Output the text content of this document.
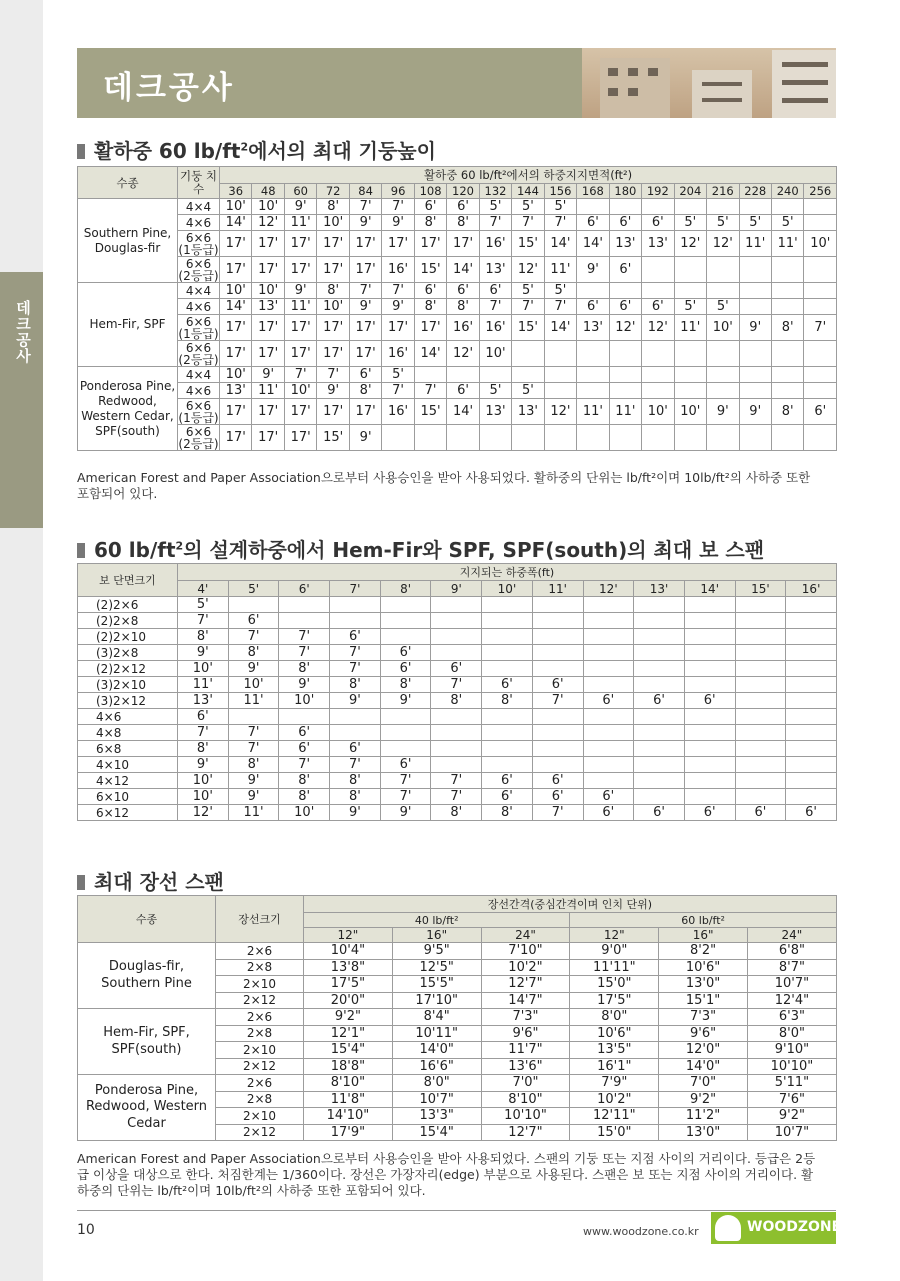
데크공사
데크공사
활하중 60 $lb/ft^2$에서의 최대 기둥높이
수종	기둥 치수	활하중 60 lb/ft²에서의 하중지지면적(ft²)																		
		36	48	60	72	84	96	108	120	132	144	156	168	180	192	204	216	228	240	256
Southern Pine, Douglas-fir	4×4	10'	10'	9'	8'	7'	7'	6'	6'	5'	5'	5'								
	4×6	14'	12'	11'	10'	9'	9'	8'	8'	7'	7'	7'	6'	6'	6'	5'	5'	5'	5'	
	6×6 (1등급)	17'	17'	17'	17'	17'	17'	17'	17'	16'	15'	14'	14'	13'	13'	12'	12'	11'	11'	10'
	6×6 (2등급)	17'	17'	17'	17'	17'	16'	15'	14'	13'	12'	11'	9'	6'						
Hem-Fir, SPF	4×4	10'	10'	9'	8'	7'	7'	6'	6'	6'	5'	5'								
	4×6	14'	13'	11'	10'	9'	9'	8'	8'	7'	7'	7'	6'	6'	6'	5'	5'			
	6×6 (1등급)	17'	17'	17'	17'	17'	17'	17'	16'	16'	15'	14'	13'	12'	12'	11'	10'	9'	8'	7'
	6×6 (2등급)	17'	17'	17'	17'	17'	16'	14'	12'	10'										
Ponderosa Pine, Redwood, Western Cedar, SPF(south)	4×4	10'	9'	7'	7'	6'	5'													
	4×6	13'	11'	10'	9'	8'	7'	7'	6'	5'	5'									
	6×6 (1등급)	17'	17'	17'	17'	17'	16'	15'	14'	13'	13'	12'	11'	11'	10'	10'	9'	9'	8'	6'
	6×6 (2등급)	17'	17'	17'	15'	9'														
American Forest and Paper Association으로부터 사용승인을 받아 사용되었다. 활하중의 단위는 lb/ft²이며 10lb/ft²의 사하중 또한 포함되어 있다.
60 $lb/ft^2$의 설계하중에서 Hem-Fir와 SPF, SPF(south)의 최대 보 스팬
보 단면크기	지지되는 하중폭(ft)												
	4'	5'	6'	7'	8'	9'	10'	11'	12'	13'	14'	15'	16'
(2)2×6	5'												
(2)2×8	7'	6'											
(2)2×10	8'	7'	7'	6'									
(3)2×8	9'	8'	7'	7'	6'								
(2)2×12	10'	9'	8'	7'	6'	6'							
(3)2×10	11'	10'	9'	8'	8'	7'	6'	6'					
(3)2×12	13'	11'	10'	9'	9'	8'	8'	7'	6'	6'	6'		
4×6	6'												
4×8	7'	7'	6'										
6×8	8'	7'	6'	6'									
4×10	9'	8'	7'	7'	6'								
4×12	10'	9'	8'	8'	7'	7'	6'	6'					
6×10	10'	9'	8'	8'	7'	7'	6'	6'	6'				
6×12	12'	11'	10'	9'	9'	8'	8'	7'	6'	6'	6'	6'	6'
최대 장선 스팬
수종	장선크기	장선간격(중심간격이며 인치 단위)					
		40 lb/ft²			60 lb/ft²		
		12"	16"	24"	12"	16"	24"
Douglas-fir, Southern Pine	2×6	10'4"	9'5"	7'10"	9'0"	8'2"	6'8"
	2×8	13'8"	12'5"	10'2"	11'11"	10'6"	8'7"
	2×10	17'5"	15'5"	12'7"	15'0"	13'0"	10'7"
	2×12	20'0"	17'10"	14'7"	17'5"	15'1"	12'4"
Hem-Fir, SPF, SPF(south)	2×6	9'2"	8'4"	7'3"	8'0"	7'3"	6'3"
	2×8	12'1"	10'11"	9'6"	10'6"	9'6"	8'0"
	2×10	15'4"	14'0"	11'7"	13'5"	12'0"	9'10"
	2×12	18'8"	16'6"	13'6"	16'1"	14'0"	10'10"
Ponderosa Pine, Redwood, Western Cedar	2×6	8'10"	8'0"	7'0"	7'9"	7'0"	5'11"
	2×8	11'8"	10'7"	8'10"	10'2"	9'2"	7'6"
	2×10	14'10"	13'3"	10'10"	12'11"	11'2"	9'2"
	2×12	17'9"	15'4"	12'7"	15'0"	13'0"	10'7"
American Forest and Paper Association으로부터 사용승인을 받아 사용되었다. 스팬의 기둥 또는 지점 사이의 거리이다. 등급은 2등급 이상을 대상으로 한다. 처짐한계는 1/360이다. 장선은 가장자리(edge) 부분으로 사용된다. 스팬은 보 또는 지점 사이의 거리이다. 활하중의 단위는 lb/ft²이며 10lb/ft²의 사하중 또한 포함되어 있다.
10	www.woodzone.co.kr	WOODZONE
